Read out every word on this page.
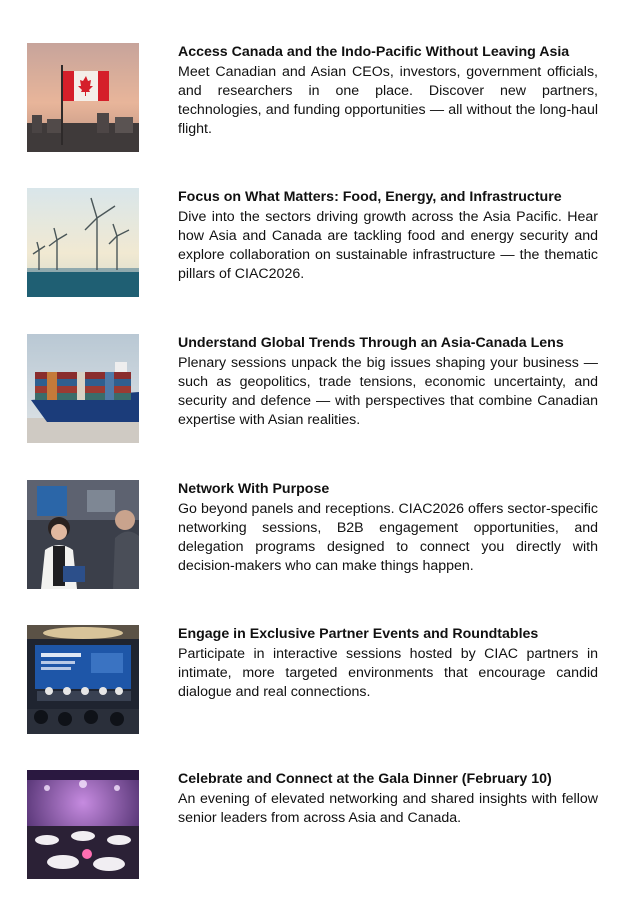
Access Canada and the Indo-Pacific Without Leaving Asia

Meet Canadian and Asian CEOs, investors, government officials, and researchers in one place. Discover new partners, technologies, and funding opportunities — all without the long-haul flight.

Focus on What Matters: Food, Energy, and Infrastructure

Dive into the sectors driving growth across the Asia Pacific. Hear how Asia and Canada are tackling food and energy security and explore collaboration on sustainable infrastructure — the thematic pillars of CIAC2026.

Understand Global Trends Through an Asia-Canada Lens

Plenary sessions unpack the big issues shaping your business — such as geopolitics, trade tensions, economic uncertainty, and security and defence — with perspectives that combine Canadian expertise with Asian realities.

Network With Purpose

Go beyond panels and receptions. CIAC2026 offers sector-specific networking sessions, B2B engagement opportunities, and delegation programs designed to connect you directly with decision-makers who can make things happen.

Engage in Exclusive Partner Events and Roundtables

Participate in interactive sessions hosted by CIAC partners in intimate, more targeted environments that encourage candid dialogue and real connections.

Celebrate and Connect at the Gala Dinner (February 10)

An evening of elevated networking and shared insights with fellow senior leaders from across Asia and Canada.
